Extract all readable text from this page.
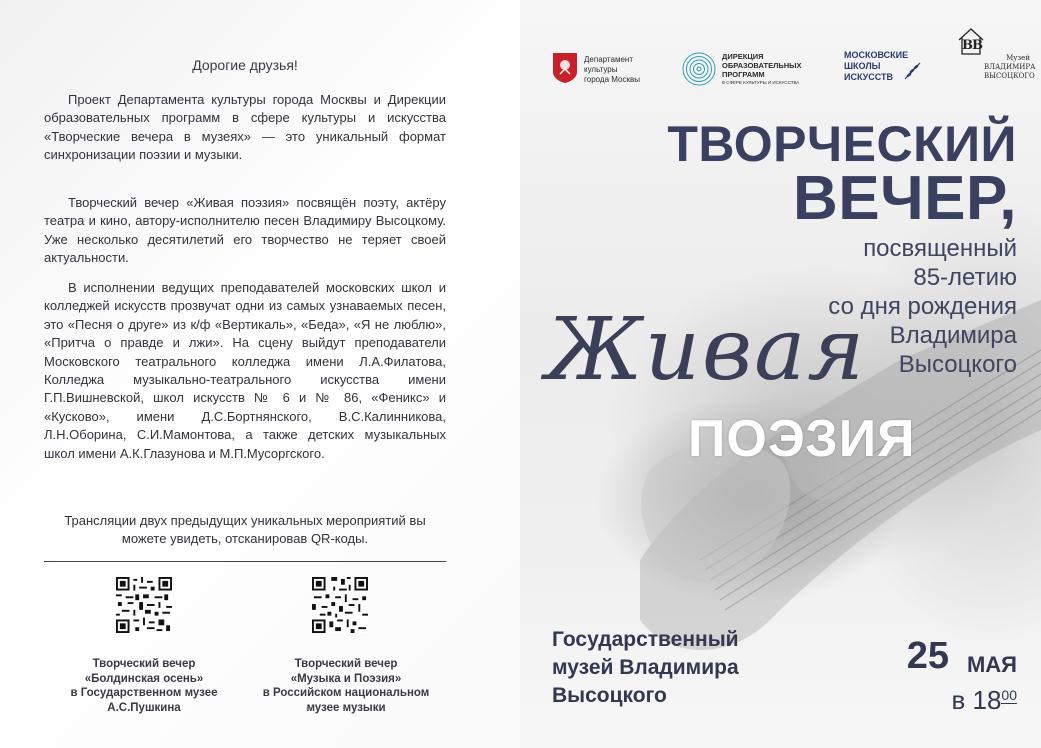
Дорогие друзья!

Проект Департамента культуры города Москвы и Дирекции образовательных программ в сфере культуры и искусства «Творческие вечера в музеях» — это уникальный формат синхронизации поэзии и музыки.

Творческий вечер «Живая поэзия» посвящён поэту, актёру театра и кино, автору-исполнителю песен Владимиру Высоцкому. Уже несколько десятилетий его творчество не теряет своей актуальности.

В исполнении ведущих преподавателей московских школ и колледжей искусств прозвучат одни из самых узнаваемых песен, это «Песня о друге» из к/ф «Вертикаль», «Беда», «Я не люблю», «Притча о правде и лжи». На сцену выйдут преподаватели Московского театрального колледжа имени Л.А.Филатова, Колледжа музыкально-театрального искусства имени Г.П.Вишневской, школ искусств № 6 и № 86, «Феникс» и «Кусково», имени Д.С.Бортнянского, В.С.Калинникова, Л.Н.Оборина, С.И.Мамонтова, а также детских музыкальных школ имени А.К.Глазунова и М.П.Мусоргского.

Трансляции двух предыдущих уникальных мероприятий вы можете увидеть, отсканировав QR-коды.
Творческий вечер
«Болдинская осень»
в Государственном музее
А.С.Пушкина
Творческий вечер
«Музыка и Поэзия»
в Российском национальном
музее музыки
Департамент
культуры
города Москвы
ДИРЕКЦИЯ
ОБРАЗОВАТЕЛЬНЫХ
ПРОГРАММ
В СФЕРЕ КУЛЬТУРЫ И ИСКУССТВА
МОСКОВСКИЕ
ШКОЛЫ
ИСКУССТВ
ВВ
Музей
ВЛАДИМИРА
ВЫСОЦКОГО
ТВОРЧЕСКИЙ
ВЕЧЕР,
посвященный
85-летию
со дня рождения
Владимира
Высоцкого
Живая
ПОЭЗИЯ
Государственный
музей Владимира
Высоцкого
25 МАЯ
в $18^{00}$
